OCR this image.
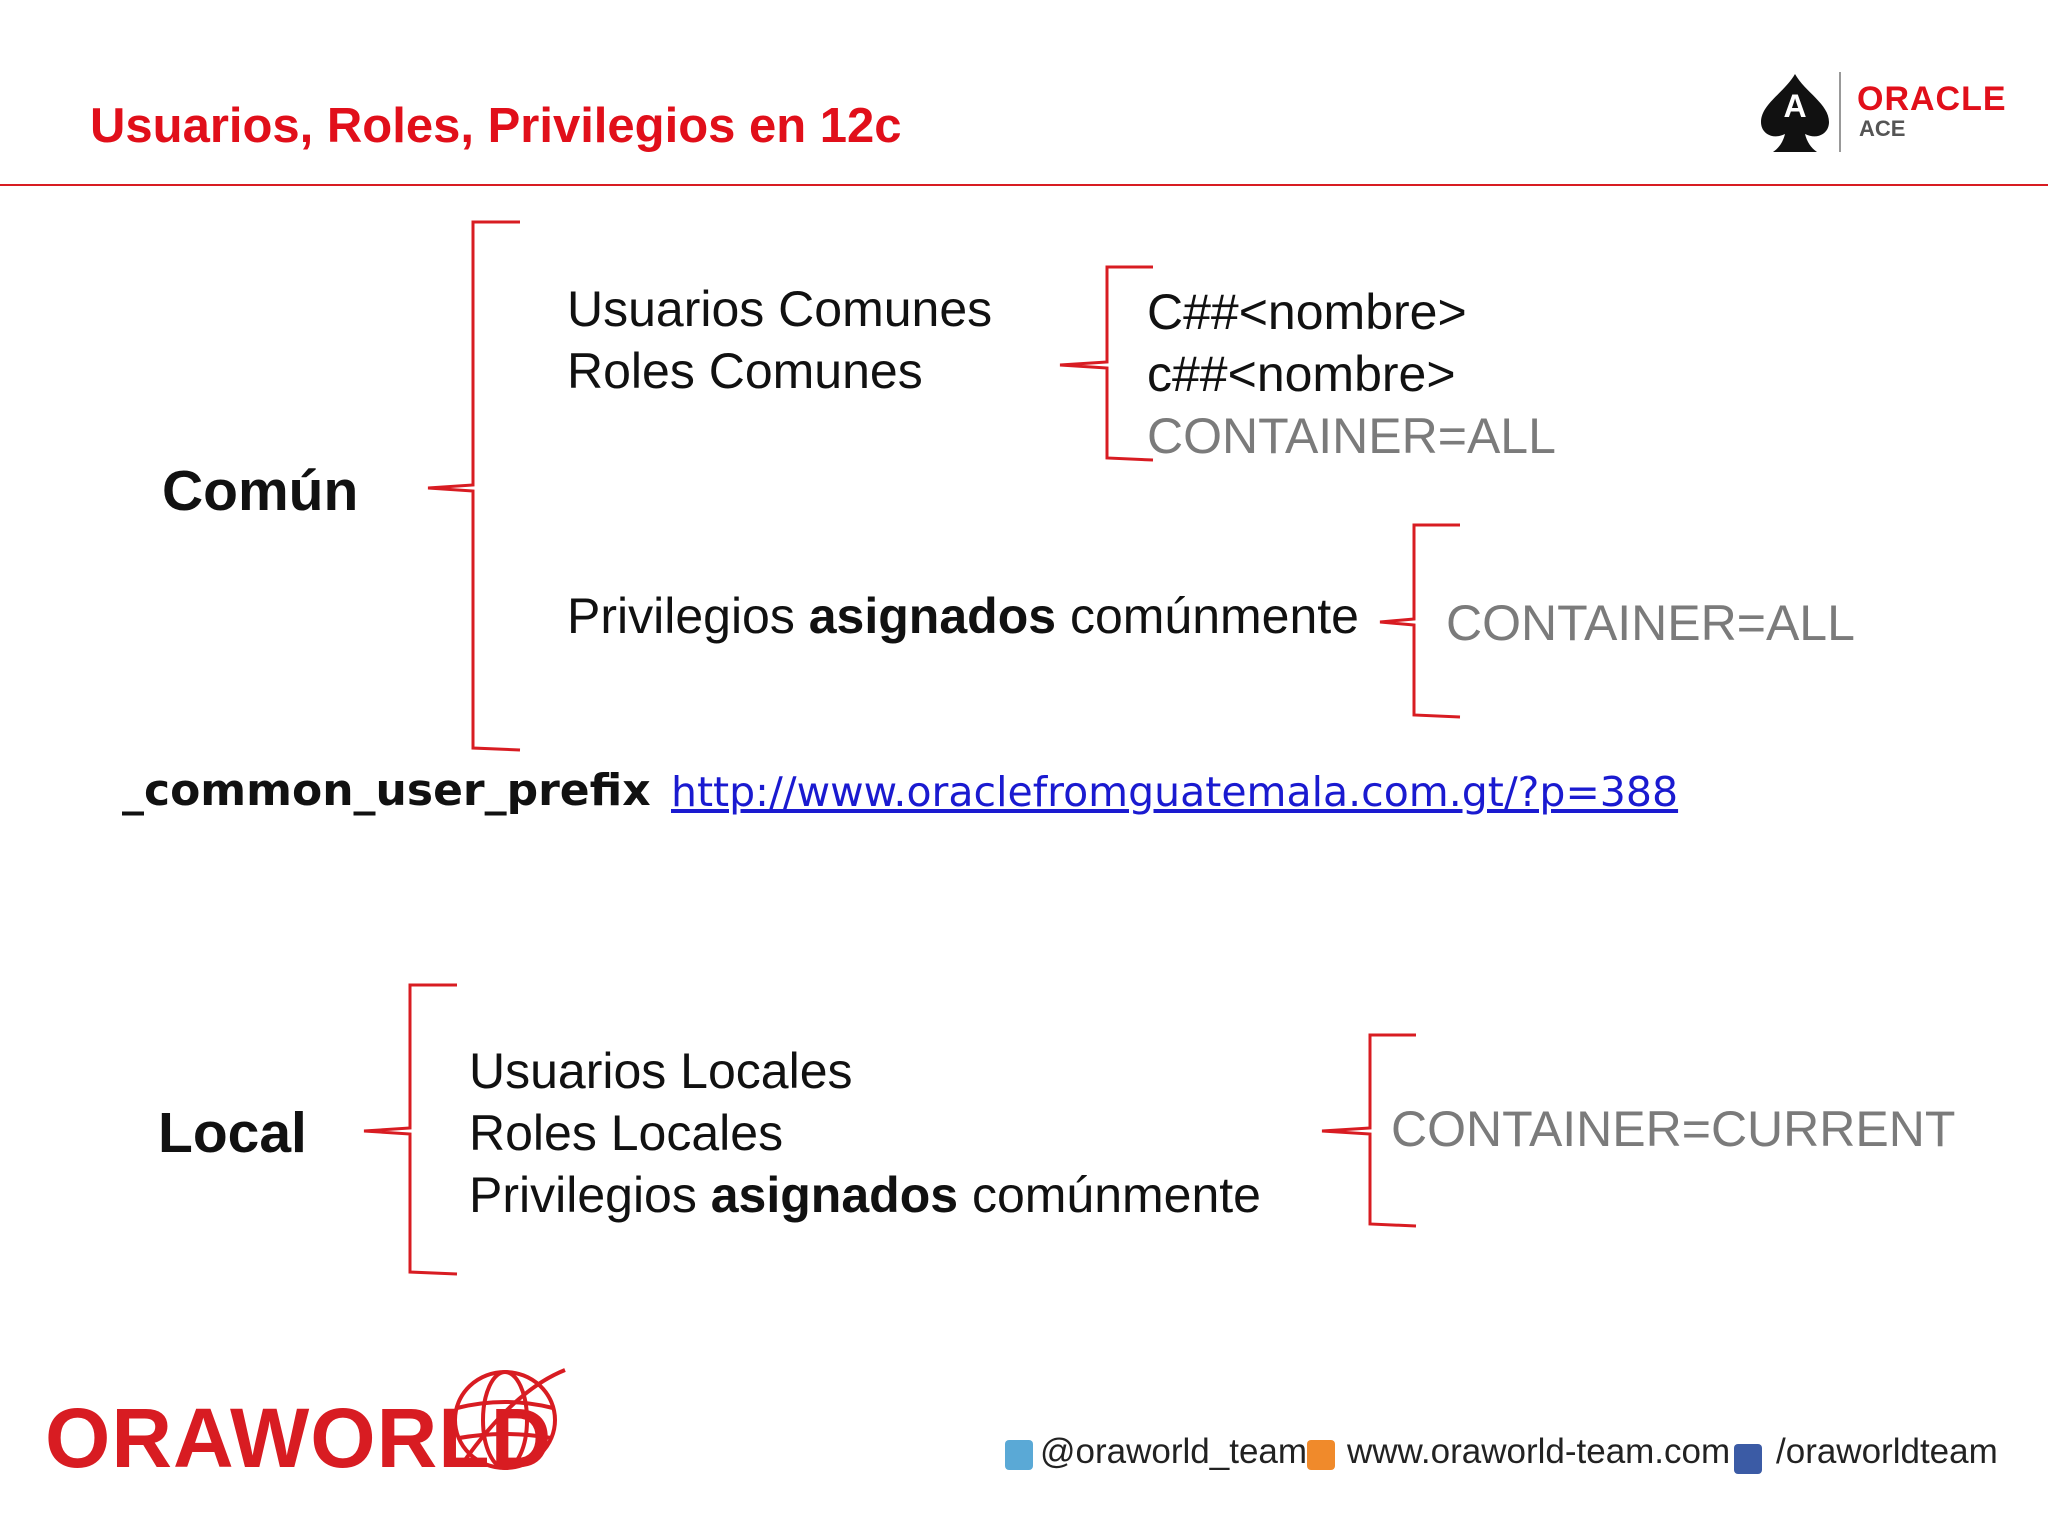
Usuarios, Roles, Privilegios en 12c	A ORACLE
ACE
Común
Usuarios Comunes
Roles Comunes
C##<nombre>
c##<nombre>
CONTAINER=ALL
Privilegios asignados comúnmente CONTAINER=ALL
_common_user_prefix http://www.oraclefromguatemala.com.gt/?p=388
Local
Usuarios Locales
Roles Locales
Privilegios asignados comúnmente
CONTAINER=CURRENT
ORAWORLD	@oraworld_team www.oraworld-team.com /oraworldteam
